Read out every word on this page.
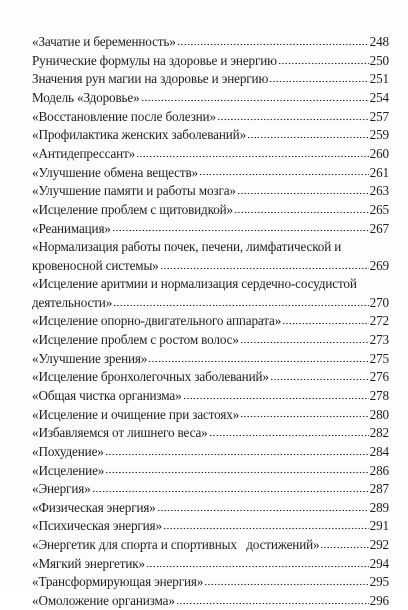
«Зачатие и беременность»	248
Рунические формулы на здоровье и энергию	250
Значения рун магии на здоровье и энергию	251
Модель «Здоровье»	254
«Восстановление после болезни»	257
«Профилактика женских заболеваний»	259
«Антидепрессант»	260
«Улучшение обмена веществ»	261
«Улучшение памяти и работы мозга»	263
«Исцеление проблем с щитовидкой»	265
«Реанимация»	267
«Нормализация работы почек, печени, лимфатической и
кровеносной системы»	269
«Исцеление аритмии и нормализация сердечно-сосудистой
деятельности»	270
«Исцеление опорно-двигательного аппарата»	272
«Исцеление проблем с ростом волос»	273
«Улучшение зрения»	275
«Исцеление бронхолегочных заболеваний»	276
«Общая чистка организма»	278
«Исцеление и очищение при застоях»	280
«Избавляемся от лишнего веса»	282
«Похудение»	284
«Исцеление»	286
«Энергия»	287
«Физическая энергия»	289
«Психическая энергия»	291
«Энергетик для спорта и спортивных   достижений»	292
«Мягкий энергетик»	294
«Трансформирующая энергия»	295
«Омоложение организма»	296
